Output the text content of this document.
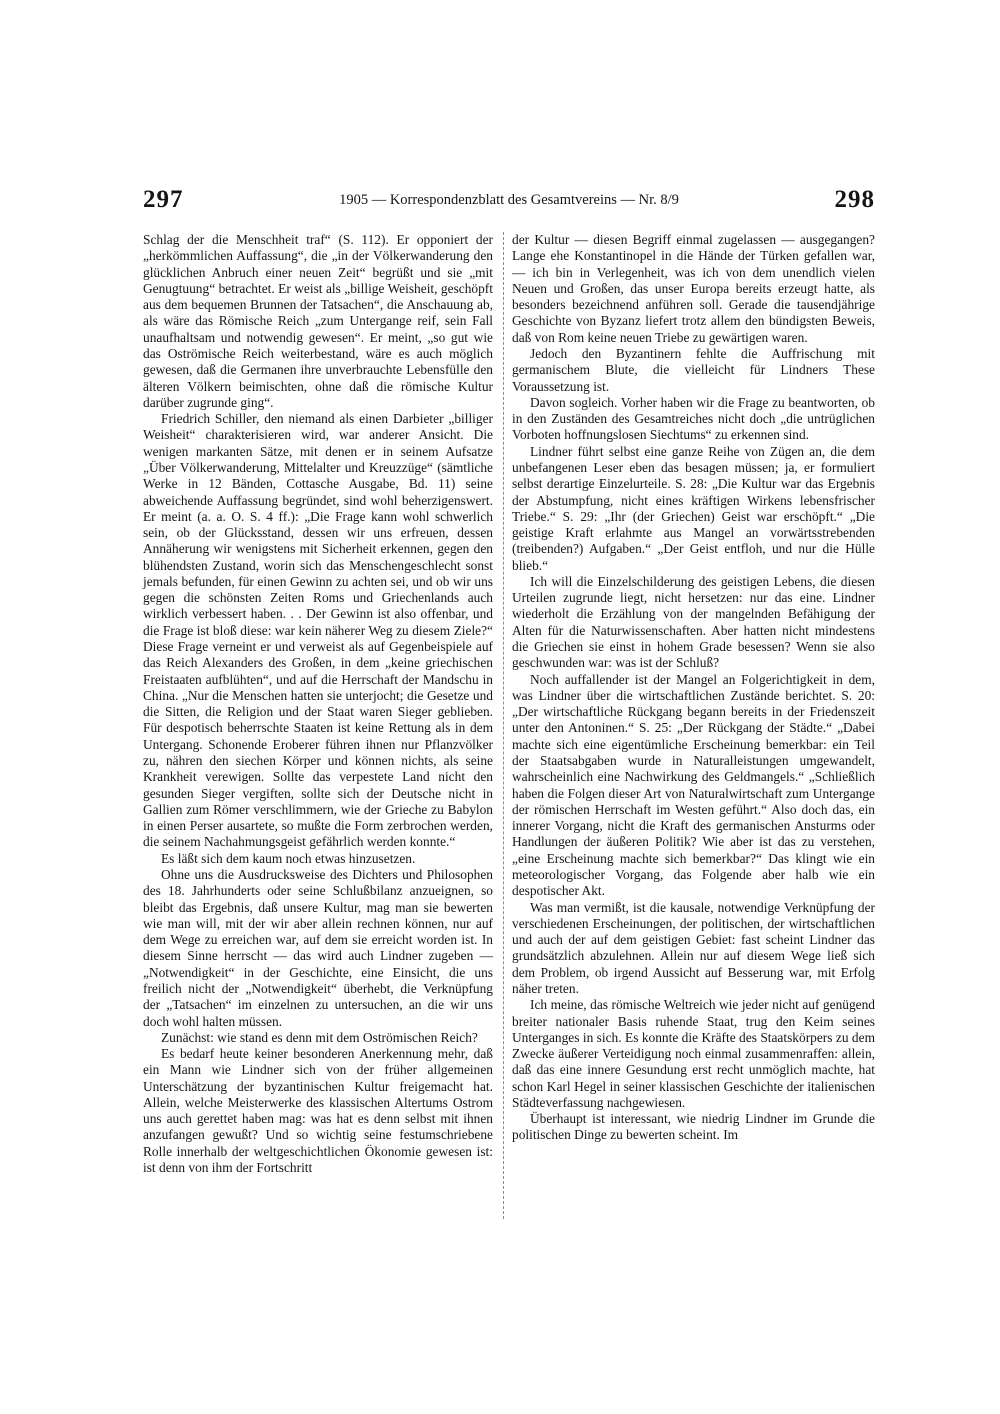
297	1905 — Korrespondenzblatt des Gesamtvereins — Nr. 8/9	298

Schlag der die Menschheit traf“ (S. 112). Er opponiert der „herkömmlichen Auffassung“, die „in der Völkerwanderung den glücklichen Anbruch einer neuen Zeit“ begrüßt und sie „mit Genugtuung“ betrachtet. Er weist als „billige Weisheit, geschöpft aus dem bequemen Brunnen der Tatsachen“, die Anschauung ab, als wäre das Römische Reich „zum Untergange reif, sein Fall unaufhaltsam und notwendig gewesen“. Er meint, „so gut wie das Oströmische Reich weiterbestand, wäre es auch möglich gewesen, daß die Germanen ihre unverbrauchte Lebensfülle den älteren Völkern beimischten, ohne daß die römische Kultur darüber zugrunde ging“.

Friedrich Schiller, den niemand als einen Darbieter „billiger Weisheit“ charakterisieren wird, war anderer Ansicht. Die wenigen markanten Sätze, mit denen er in seinem Aufsatze „Über Völkerwanderung, Mittelalter und Kreuzzüge“ (sämtliche Werke in 12 Bänden, Cottasche Ausgabe, Bd. 11) seine abweichende Auffassung begründet, sind wohl beherzigenswert. Er meint (a. a. O. S. 4 ff.): „Die Frage kann wohl schwerlich sein, ob der Glücksstand, dessen wir uns erfreuen, dessen Annäherung wir wenigstens mit Sicherheit erkennen, gegen den blühendsten Zustand, worin sich das Menschengeschlecht sonst jemals befunden, für einen Gewinn zu achten sei, und ob wir uns gegen die schönsten Zeiten Roms und Griechenlands auch wirklich verbessert haben. . . Der Gewinn ist also offenbar, und die Frage ist bloß diese: war kein näherer Weg zu diesem Ziele?“ Diese Frage verneint er und verweist als auf Gegenbeispiele auf das Reich Alexanders des Großen, in dem „keine griechischen Freistaaten aufblühten“, und auf die Herrschaft der Mandschu in China. „Nur die Menschen hatten sie unterjocht; die Gesetze und die Sitten, die Religion und der Staat waren Sieger geblieben. Für despotisch beherrschte Staaten ist keine Rettung als in dem Untergang. Schonende Eroberer führen ihnen nur Pflanzvölker zu, nähren den siechen Körper und können nichts, als seine Krankheit verewigen. Sollte das verpestete Land nicht den gesunden Sieger vergiften, sollte sich der Deutsche nicht in Gallien zum Römer verschlimmern, wie der Grieche zu Babylon in einen Perser ausartete, so mußte die Form zerbrochen werden, die seinem Nachahmungsgeist gefährlich werden konnte.“

Es läßt sich dem kaum noch etwas hinzusetzen.

Ohne uns die Ausdrucksweise des Dichters und Philosophen des 18. Jahrhunderts oder seine Schlußbilanz anzueignen, so bleibt das Ergebnis, daß unsere Kultur, mag man sie bewerten wie man will, mit der wir aber allein rechnen können, nur auf dem Wege zu erreichen war, auf dem sie erreicht worden ist. In diesem Sinne herrscht — das wird auch Lindner zugeben — „Notwendigkeit“ in der Geschichte, eine Einsicht, die uns freilich nicht der „Notwendigkeit“ überhebt, die Verknüpfung der „Tatsachen“ im einzelnen zu untersuchen, an die wir uns doch wohl halten müssen.

Zunächst: wie stand es denn mit dem Oströmischen Reich?

Es bedarf heute keiner besonderen Anerkennung mehr, daß ein Mann wie Lindner sich von der früher allgemeinen Unterschätzung der byzantinischen Kultur freigemacht hat. Allein, welche Meisterwerke des klassischen Altertums Ostrom uns auch gerettet haben mag: was hat es denn selbst mit ihnen anzufangen gewußt? Und so wichtig seine festumschriebene Rolle innerhalb der weltgeschichtlichen Ökonomie gewesen ist: ist denn von ihm der Fortschritt

der Kultur — diesen Begriff einmal zugelassen — ausgegangen? Lange ehe Konstantinopel in die Hände der Türken gefallen war, — ich bin in Verlegenheit, was ich von dem unendlich vielen Neuen und Großen, das unser Europa bereits erzeugt hatte, als besonders bezeichnend anführen soll. Gerade die tausendjährige Geschichte von Byzanz liefert trotz allem den bündigsten Beweis, daß von Rom keine neuen Triebe zu gewärtigen waren.

Jedoch den Byzantinern fehlte die Auffrischung mit germanischem Blute, die vielleicht für Lindners These Voraussetzung ist.

Davon sogleich. Vorher haben wir die Frage zu beantworten, ob in den Zuständen des Gesamtreiches nicht doch „die untrüglichen Vorboten hoffnungslosen Siechtums“ zu erkennen sind.

Lindner führt selbst eine ganze Reihe von Zügen an, die dem unbefangenen Leser eben das besagen müssen; ja, er formuliert selbst derartige Einzelurteile. S. 28: „Die Kultur war das Ergebnis der Abstumpfung, nicht eines kräftigen Wirkens lebensfrischer Triebe.“ S. 29: „Ihr (der Griechen) Geist war erschöpft.“ „Die geistige Kraft erlahmte aus Mangel an vorwärtsstrebenden (treibenden?) Aufgaben.“ „Der Geist entfloh, und nur die Hülle blieb.“

Ich will die Einzelschilderung des geistigen Lebens, die diesen Urteilen zugrunde liegt, nicht hersetzen: nur das eine. Lindner wiederholt die Erzählung von der mangelnden Befähigung der Alten für die Naturwissenschaften. Aber hatten nicht mindestens die Griechen sie einst in hohem Grade besessen? Wenn sie also geschwunden war: was ist der Schluß?

Noch auffallender ist der Mangel an Folgerichtigkeit in dem, was Lindner über die wirtschaftlichen Zustände berichtet. S. 20: „Der wirtschaftliche Rückgang begann bereits in der Friedenszeit unter den Antoninen.“ S. 25: „Der Rückgang der Städte.“ „Dabei machte sich eine eigentümliche Erscheinung bemerkbar: ein Teil der Staatsabgaben wurde in Naturalleistungen umgewandelt, wahrscheinlich eine Nachwirkung des Geldmangels.“ „Schließlich haben die Folgen dieser Art von Naturalwirtschaft zum Untergange der römischen Herrschaft im Westen geführt.“ Also doch das, ein innerer Vorgang, nicht die Kraft des germanischen Ansturms oder Handlungen der äußeren Politik? Wie aber ist das zu verstehen, „eine Erscheinung machte sich bemerkbar?“ Das klingt wie ein meteorologischer Vorgang, das Folgende aber halb wie ein despotischer Akt.

Was man vermißt, ist die kausale, notwendige Verknüpfung der verschiedenen Erscheinungen, der politischen, der wirtschaftlichen und auch der auf dem geistigen Gebiet: fast scheint Lindner das grundsätzlich abzulehnen. Allein nur auf diesem Wege ließ sich dem Problem, ob irgend Aussicht auf Besserung war, mit Erfolg näher treten.

Ich meine, das römische Weltreich wie jeder nicht auf genügend breiter nationaler Basis ruhende Staat, trug den Keim seines Unterganges in sich. Es konnte die Kräfte des Staatskörpers zu dem Zwecke äußerer Verteidigung noch einmal zusammenraffen: allein, daß das eine innere Gesundung erst recht unmöglich machte, hat schon Karl Hegel in seiner klassischen Geschichte der italienischen Städteverfassung nachgewiesen.

Überhaupt ist interessant, wie niedrig Lindner im Grunde die politischen Dinge zu bewerten scheint. Im
